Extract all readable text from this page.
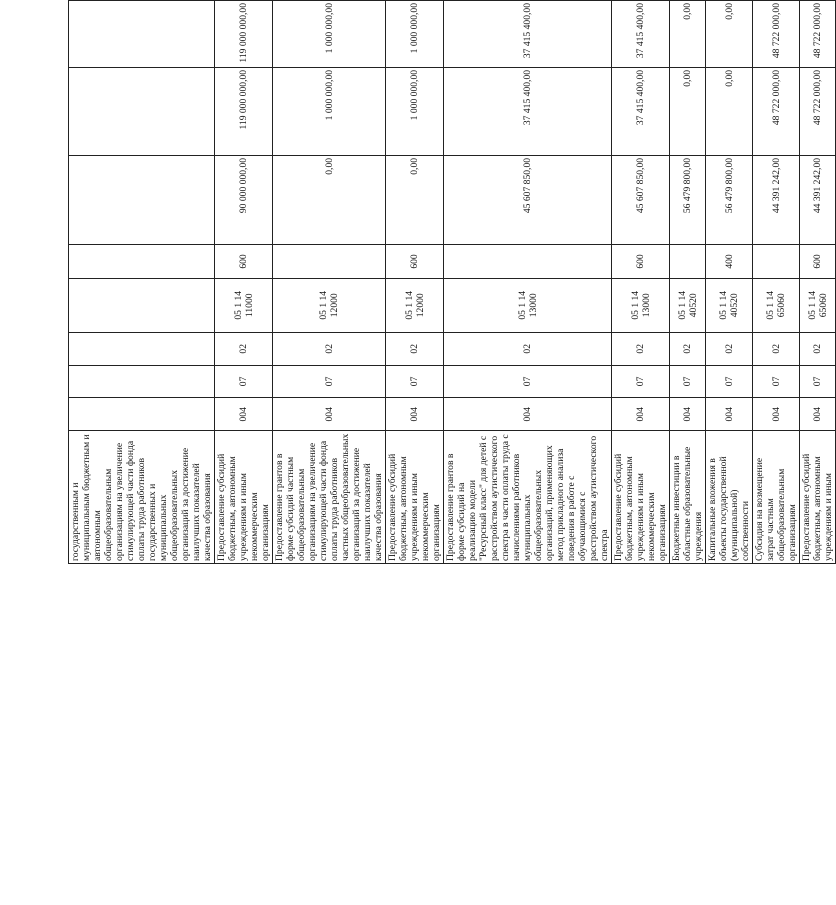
государственным и муниципальным бюджетным и автономным общеобразовательным организациям на увеличение стимулирующей части фонда оплаты труда работников государственных и муниципальных общеобразовательных организаций за достижение наилучших показателей качества образования								
Предоставление субсидий бюджетным, автономным учреждениям и иным некоммерческим организациям	004	07	02	05 1 14 11000	600	90 000 000,00	119 000 000,00	119 000 000,00
Предоставление грантов в форме субсидий частным общеобразовательным организациям на увеличение стимулирующей части фонда оплаты труда работников частных общеобразовательных организаций за достижение наилучших показателей качества образования	004	07	02	05 1 14 12000		0,00	1 000 000,00	1 000 000,00
Предоставление субсидий бюджетным, автономным учреждениям и иным некоммерческим организациям	004	07	02	05 1 14 12000	600	0,00	1 000 000,00	1 000 000,00
Предоставление грантов в форме субсидий на реализацию модели "Ресурсный класс" для детей с расстройством аутистического спектра в части оплаты труда с начислениями работников муниципальных общеобразовательных организаций, применяющих метод прикладного анализа поведения в работе с обучающимися с расстройством аутистического спектра	004	07	02	05 1 14 13000		45 607 850,00	37 415 400,00	37 415 400,00
Предоставление субсидий бюджетным, автономным учреждениям и иным некоммерческим организациям	004	07	02	05 1 14 13000	600	45 607 850,00	37 415 400,00	37 415 400,00
Бюджетные инвестиции в областные образовательные учреждения	004	07	02	05 1 14 40520		56 479 800,00	0,00	0,00
Капитальные вложения в объекты государственной (муниципальной) собственности	004	07	02	05 1 14 40520	400	56 479 800,00	0,00	0,00
Субсидия на возмещение затрат частным общеобразовательным организациям	004	07	02	05 1 14 65060		44 391 242,00	48 722 000,00	48 722 000,00
Предоставление субсидий бюджетным, автономным учреждениям и иным	004	07	02	05 1 14 65060	600	44 391 242,00	48 722 000,00	48 722 000,00
